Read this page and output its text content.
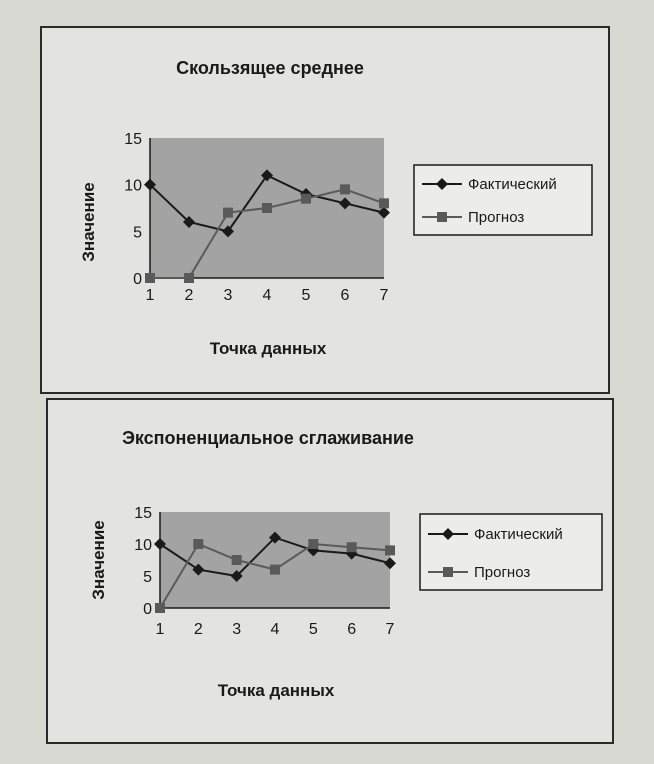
Скользящее среднее
Значение
Точка данных
0
5
10
15
1 2 3 4 5 6 7
Фактический
Прогноз
Экспоненциальное сглаживание
Значение
Точка данных
0
5
10
15
1 2 3 4 5 6 7
Фактический
Прогноз
